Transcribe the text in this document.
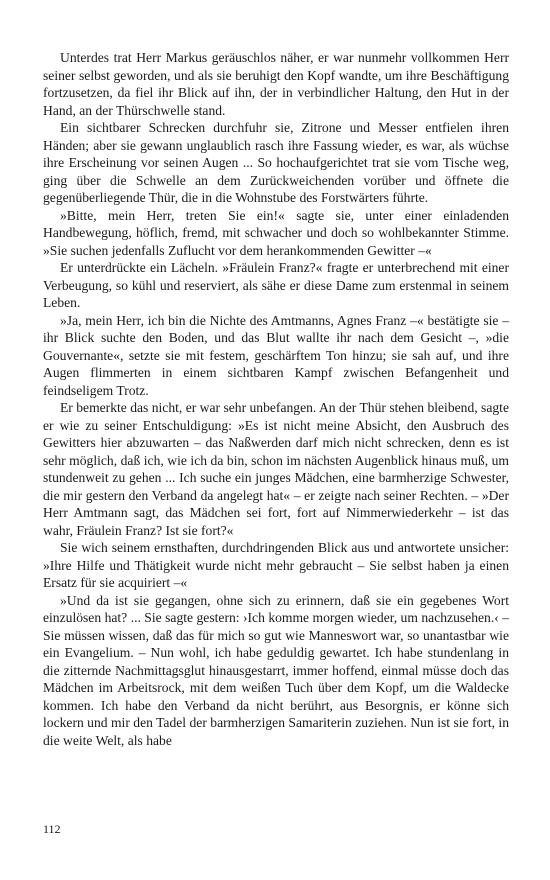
Unterdes trat Herr Markus geräuschlos näher, er war nunmehr vollkommen Herr seiner selbst geworden, und als sie beruhigt den Kopf wandte, um ihre Beschäftigung fortzusetzen, da fiel ihr Blick auf ihn, der in verbindlicher Haltung, den Hut in der Hand, an der Thürschwelle stand.

Ein sichtbarer Schrecken durchfuhr sie, Zitrone und Messer entfielen ihren Händen; aber sie gewann unglaublich rasch ihre Fassung wieder, es war, als wüchse ihre Erscheinung vor seinen Augen ... So hochaufgerichtet trat sie vom Tische weg, ging über die Schwelle an dem Zurückweichenden vorüber und öffnete die gegenüberliegende Thür, die in die Wohnstube des Forstwärters führte.

»Bitte, mein Herr, treten Sie ein!« sagte sie, unter einer einladenden Handbewegung, höflich, fremd, mit schwacher und doch so wohlbekannter Stimme. »Sie suchen jedenfalls Zuflucht vor dem herankommenden Gewitter –«

Er unterdrückte ein Lächeln. »Fräulein Franz?« fragte er unterbrechend mit einer Verbeugung, so kühl und reserviert, als sähe er diese Dame zum erstenmal in seinem Leben.

»Ja, mein Herr, ich bin die Nichte des Amtmanns, Agnes Franz –« bestätigte sie – ihr Blick suchte den Boden, und das Blut wallte ihr nach dem Gesicht –, »die Gouvernante«, setzte sie mit festem, geschärftem Ton hinzu; sie sah auf, und ihre Augen flimmerten in einem sichtbaren Kampf zwischen Befangenheit und feindseligem Trotz.

Er bemerkte das nicht, er war sehr unbefangen. An der Thür stehen bleibend, sagte er wie zu seiner Entschuldigung: »Es ist nicht meine Absicht, den Ausbruch des Gewitters hier abzuwarten – das Naßwerden darf mich nicht schrecken, denn es ist sehr möglich, daß ich, wie ich da bin, schon im nächsten Augenblick hinaus muß, um stundenweit zu gehen ... Ich suche ein junges Mädchen, eine barmherzige Schwester, die mir gestern den Verband da angelegt hat« – er zeigte nach seiner Rechten. – »Der Herr Amtmann sagt, das Mädchen sei fort, fort auf Nimmerwiederkehr – ist das wahr, Fräulein Franz? Ist sie fort?«

Sie wich seinem ernsthaften, durchdringenden Blick aus und antwortete unsicher: »Ihre Hilfe und Thätigkeit wurde nicht mehr gebraucht – Sie selbst haben ja einen Ersatz für sie acquiriert –«

»Und da ist sie gegangen, ohne sich zu erinnern, daß sie ein gegebenes Wort einzulösen hat? ... Sie sagte gestern: ›Ich komme morgen wieder, um nachzusehen.‹ – Sie müssen wissen, daß das für mich so gut wie Manneswort war, so unantastbar wie ein Evangelium. – Nun wohl, ich habe geduldig gewartet. Ich habe stundenlang in die zitternde Nachmittagsglut hinausgestarrt, immer hoffend, einmal müsse doch das Mädchen im Arbeitsrock, mit dem weißen Tuch über dem Kopf, um die Waldecke kommen. Ich habe den Verband da nicht berührt, aus Besorgnis, er könne sich lockern und mir den Tadel der barmherzigen Samariterin zuziehen. Nun ist sie fort, in die weite Welt, als habe

112
